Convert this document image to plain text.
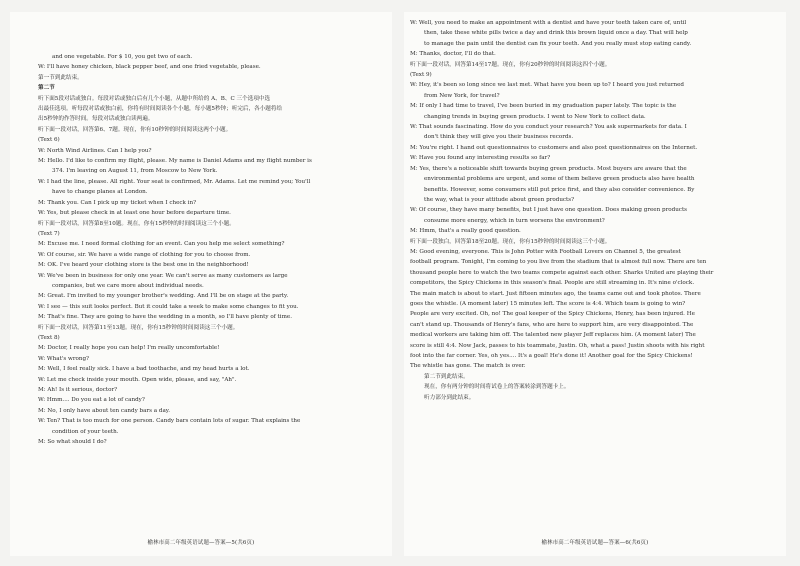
and one vegetable. For $ 10, you get two of each.
W: I'll have honey chicken, black pepper beef, and one fried vegetable, please.
第一节到此结束。
第二节
听下面5段对话或独白。每段对话或独白后有几个小题，从题中所给的 A、B、C 三个选项中选
出最佳选项。听每段对话或独白前，你将有时间阅读各个小题，每小题5秒钟；听完后，各小题将给
出5秒钟的作答时间。每段对话或独白读两遍。
听下面一段对话，回答第6、7题。现在，你有10秒钟的时间阅读这两个小题。
(Text 6)
W: North Wind Airlines. Can I help you?
M: Hello. I'd like to confirm my flight, please. My name is Daniel Adams and my flight number is
374. I'm leaving on August 11, from Moscow to New York.
W: I had the line, please. All right. Your seat is confirmed, Mr. Adams. Let me remind you; You'll
have to change planes at London.
M: Thank you. Can I pick up my ticket when I check in?
W: Yes, but please check in at least one hour before departure time.
听下面一段对话，回答第8至10题。现在，你有15秒钟的时间阅读这三个小题。
(Text 7)
M: Excuse me. I need formal clothing for an event. Can you help me select something?
W: Of course, sir. We have a wide range of clothing for you to choose from.
M: OK. I've heard your clothing store is the best one in the neighborhood!
W: We've been in business for only one year. We can't serve as many customers as large
companies, but we care more about individual needs.
M: Great. I'm invited to my younger brother's wedding. And I'll be on stage at the party.
W: I see — this suit looks perfect. But it could take a week to make some changes to fit you.
M: That's fine. They are going to have the wedding in a month, so I'll have plenty of time.
听下面一段对话，回答第11至13题。现在，你有15秒钟的时间阅读这三个小题。
(Text 8)
M: Doctor, I really hope you can help! I'm really uncomfortable!
W: What's wrong?
M: Well, I feel really sick. I have a bad toothache, and my head hurts a lot.
W: Let me check inside your mouth. Open wide, please, and say, "Ah".
M: Ah! Is it serious, doctor?
W: Hmm.... Do you eat a lot of candy?
M: No, I only have about ten candy bars a day.
W: Ten? That is too much for one person. Candy bars contain lots of sugar. That explains the
condition of your teeth.
M: So what should I do?
榆林市高二年级英语试题—答案—5(共6页)
W: Well, you need to make an appointment with a dentist and have your teeth taken care of, until
then, take these white pills twice a day and drink this brown liquid once a day. That will help
to manage the pain until the dentist can fix your teeth. And you really must stop eating candy.
M: Thanks, doctor, I'll do that.
听下面一段对话，回答第14至17题。现在，你有20秒钟的时间阅读这四个小题。
(Text 9)
W: Hey, it's been so long since we last met. What have you been up to? I heard you just returned
from New York, for travel?
M: If only I had time to travel, I've been buried in my graduation paper lately. The topic is the
changing trends in buying green products. I went to New York to collect data.
W: That sounds fascinating. How do you conduct your research? You ask supermarkets for data. I
don't think they will give you their business records.
M: You're right. I hand out questionnaires to customers and also post questionnaires on the Internet.
W: Have you found any interesting results so far?
M: Yes, there's a noticeable shift towards buying green products. Most buyers are aware that the
environmental problems are urgent, and some of them believe green products also have health
benefits. However, some consumers still put price first, and they also consider convenience. By
the way, what is your attitude about green products?
W: Of course, they have many benefits, but I just have one question. Does making green products
consume more energy, which in turn worsens the environment?
M: Hmm, that's a really good question.
听下面一段独白，回答第18至20题。现在，你有15秒钟的时间阅读这三个小题。
M: Good evening, everyone. This is John Potter with Football Lovers on Channel 5, the greatest
football program. Tonight, I'm coming to you live from the stadium that is almost full now. There are ten
thousand people here to watch the two teams compete against each other. Sharks United are playing their
competitors, the Spicy Chickens in this season's final. People are still streaming in. It's nine o'clock.
The main match is about to start. Just fifteen minutes ago, the teams came out and took photos. There
goes the whistle. (A moment later) 15 minutes left. The score is 4:4. Which team is going to win?
People are very excited. Oh, no! The goal keeper of the Spicy Chickens, Henry, has been injured. He
can't stand up. Thousands of Henry's fans, who are here to support him, are very disappointed. The
medical workers are taking him off. The talented new player Jeff replaces him. (A moment later) The
score is still 4:4. Now Jack, passes to his teammate, Justin. Oh, what a pass! Justin shoots with his right
foot into the far corner. Yes, oh yes.... It's a goal! He's done it! Another goal for the Spicy Chickens!
The whistle has gone. The match is over.
第二节到此结束。
现在，你有两分钟的时间将试卷上的答案转涂到答题卡上。
听力部分到此结束。
榆林市高二年级英语试题—答案—6(共6页)
